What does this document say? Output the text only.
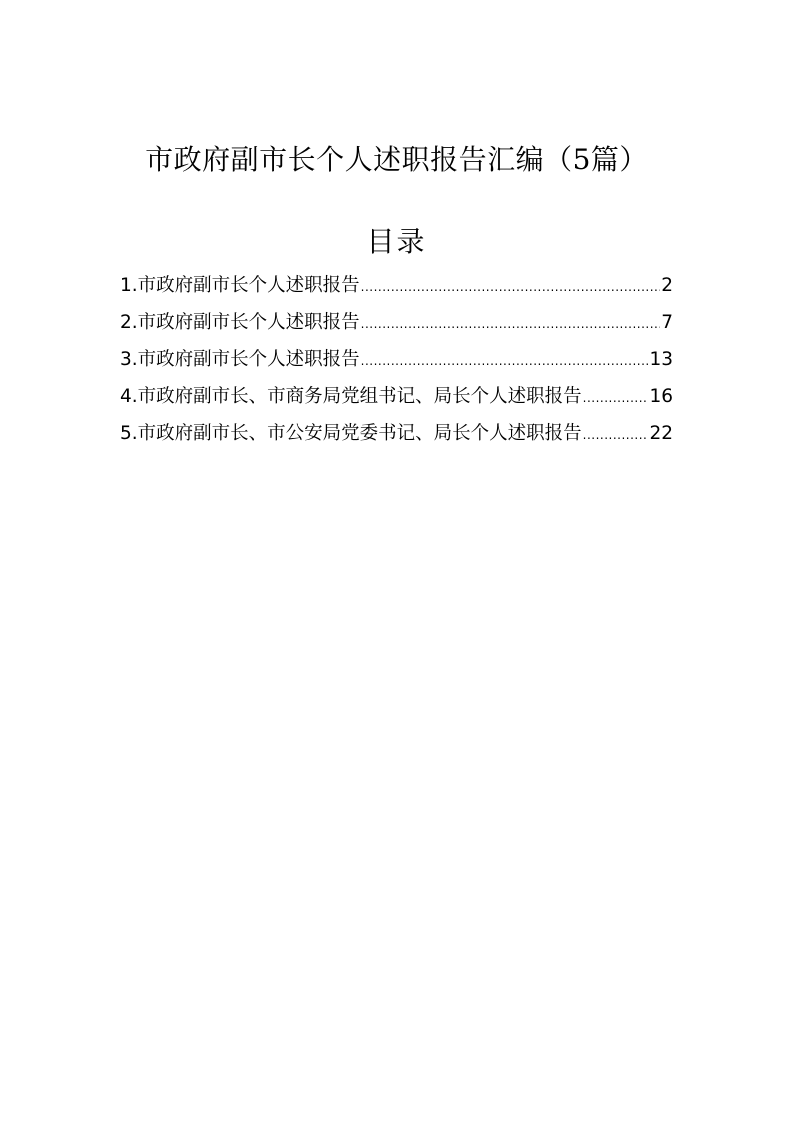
市政府副市长个人述职报告汇编（5篇）
目录
1.市政府副市长个人述职报告 .....	2
2.市政府副市长个人述职报告 .....	7
3.市政府副市长个人述职报告 .....	13
4.市政府副市长、市商务局党组书记、局长个人述职报告 .....	16
5.市政府副市长、市公安局党委书记、局长个人述职报告 .....	22
